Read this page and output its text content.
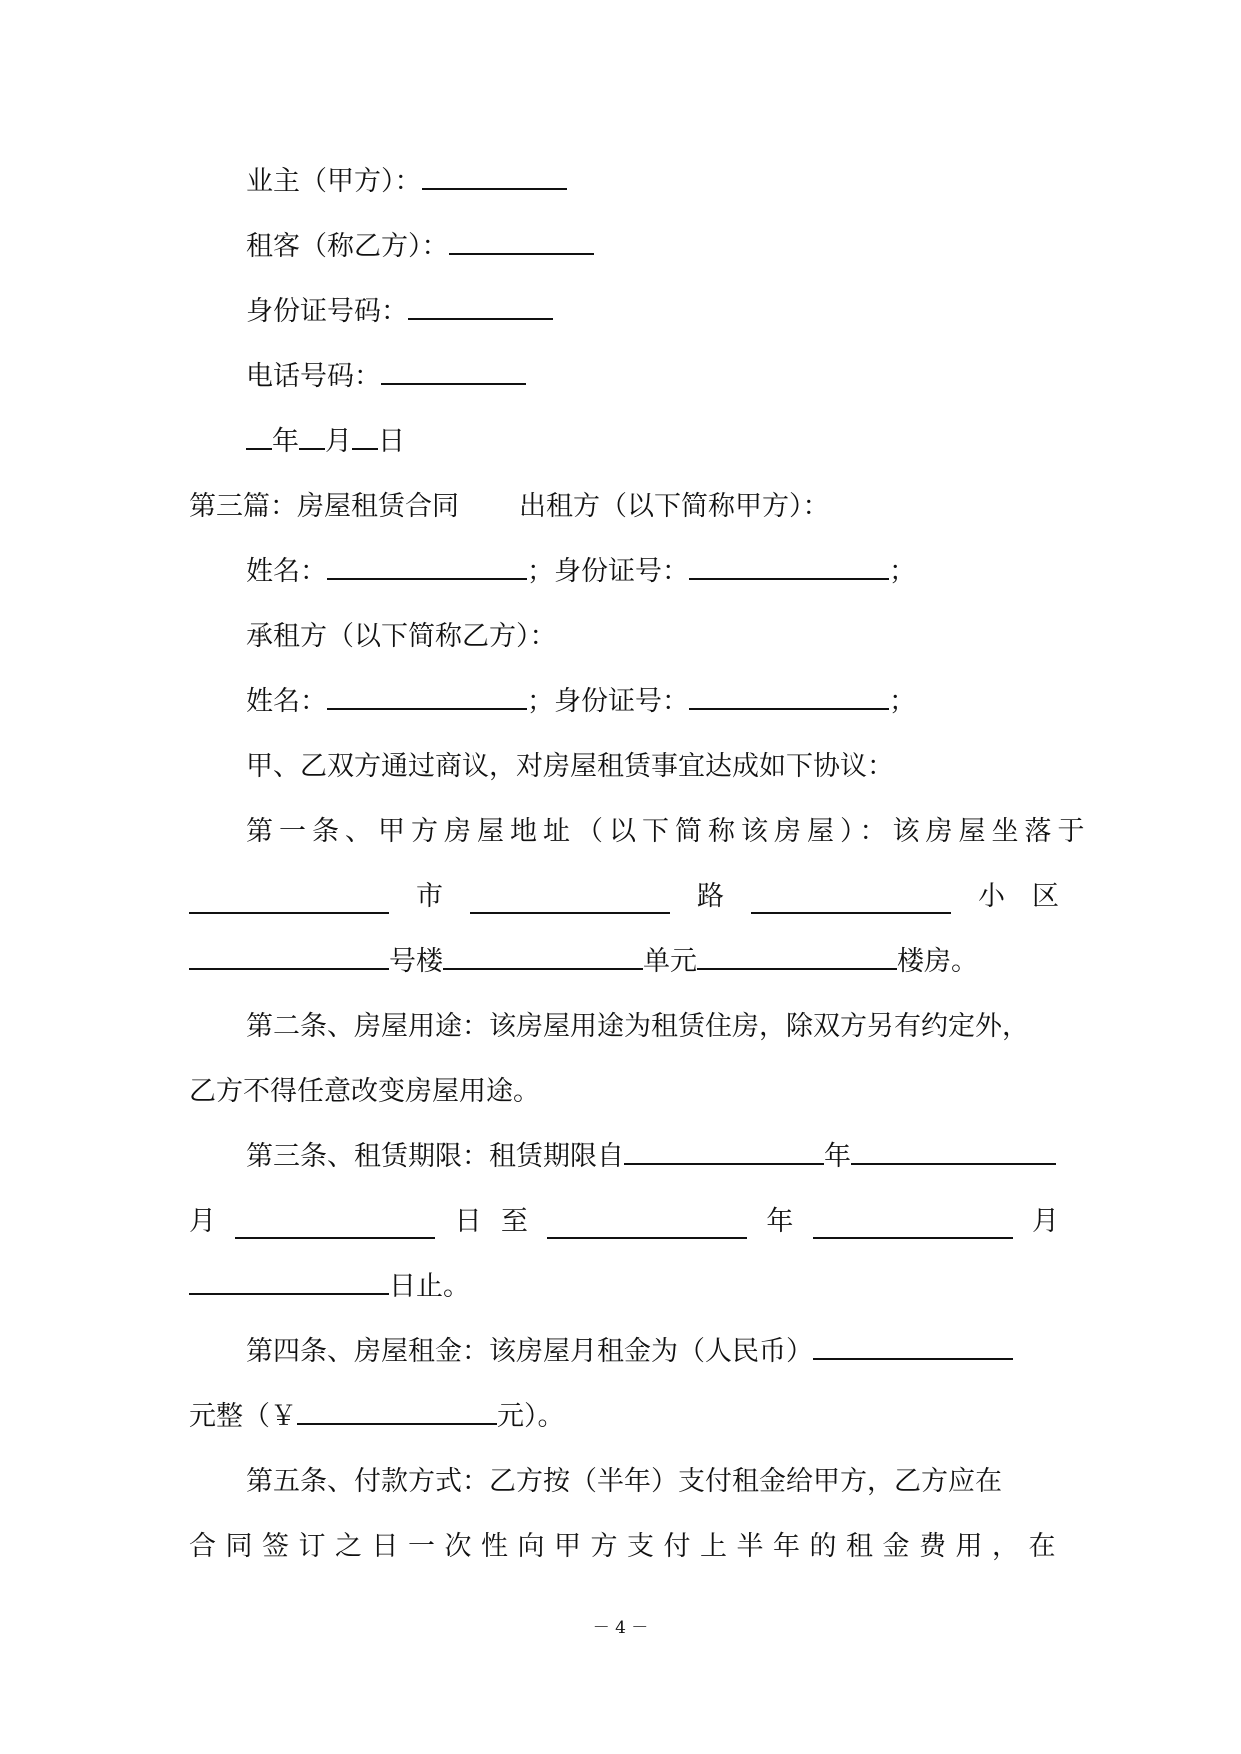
业主（甲方）：
租客（称乙方）：
身份证号码：
电话号码：
年 月 日
第三篇：房屋租赁合同 出租方（以下简称甲方）：
姓名：	；身份证号：	；
承租方（以下简称乙方）：
姓名：	；身份证号：	；
甲、乙双方通过商议，对房屋租赁事宜达成如下协议：
第一条、甲方房屋地址（以下简称该房屋）：该房屋坐落于
市	路	小 区
号楼	单元	楼房。
第二条、房屋用途：该房屋用途为租赁住房，除双方另有约定外，
乙方不得任意改变房屋用途。
第三条、租赁期限：租赁期限自	年
月	日 至	年	月
日止。
第四条、房屋租金：该房屋月租金为（人民币）
元整（￥	元）。
第五条、付款方式：乙方按（半年）支付租金给甲方，乙方应在
合同签订之日一次性向甲方支付上半年的租金费用，在
－ 4 －
